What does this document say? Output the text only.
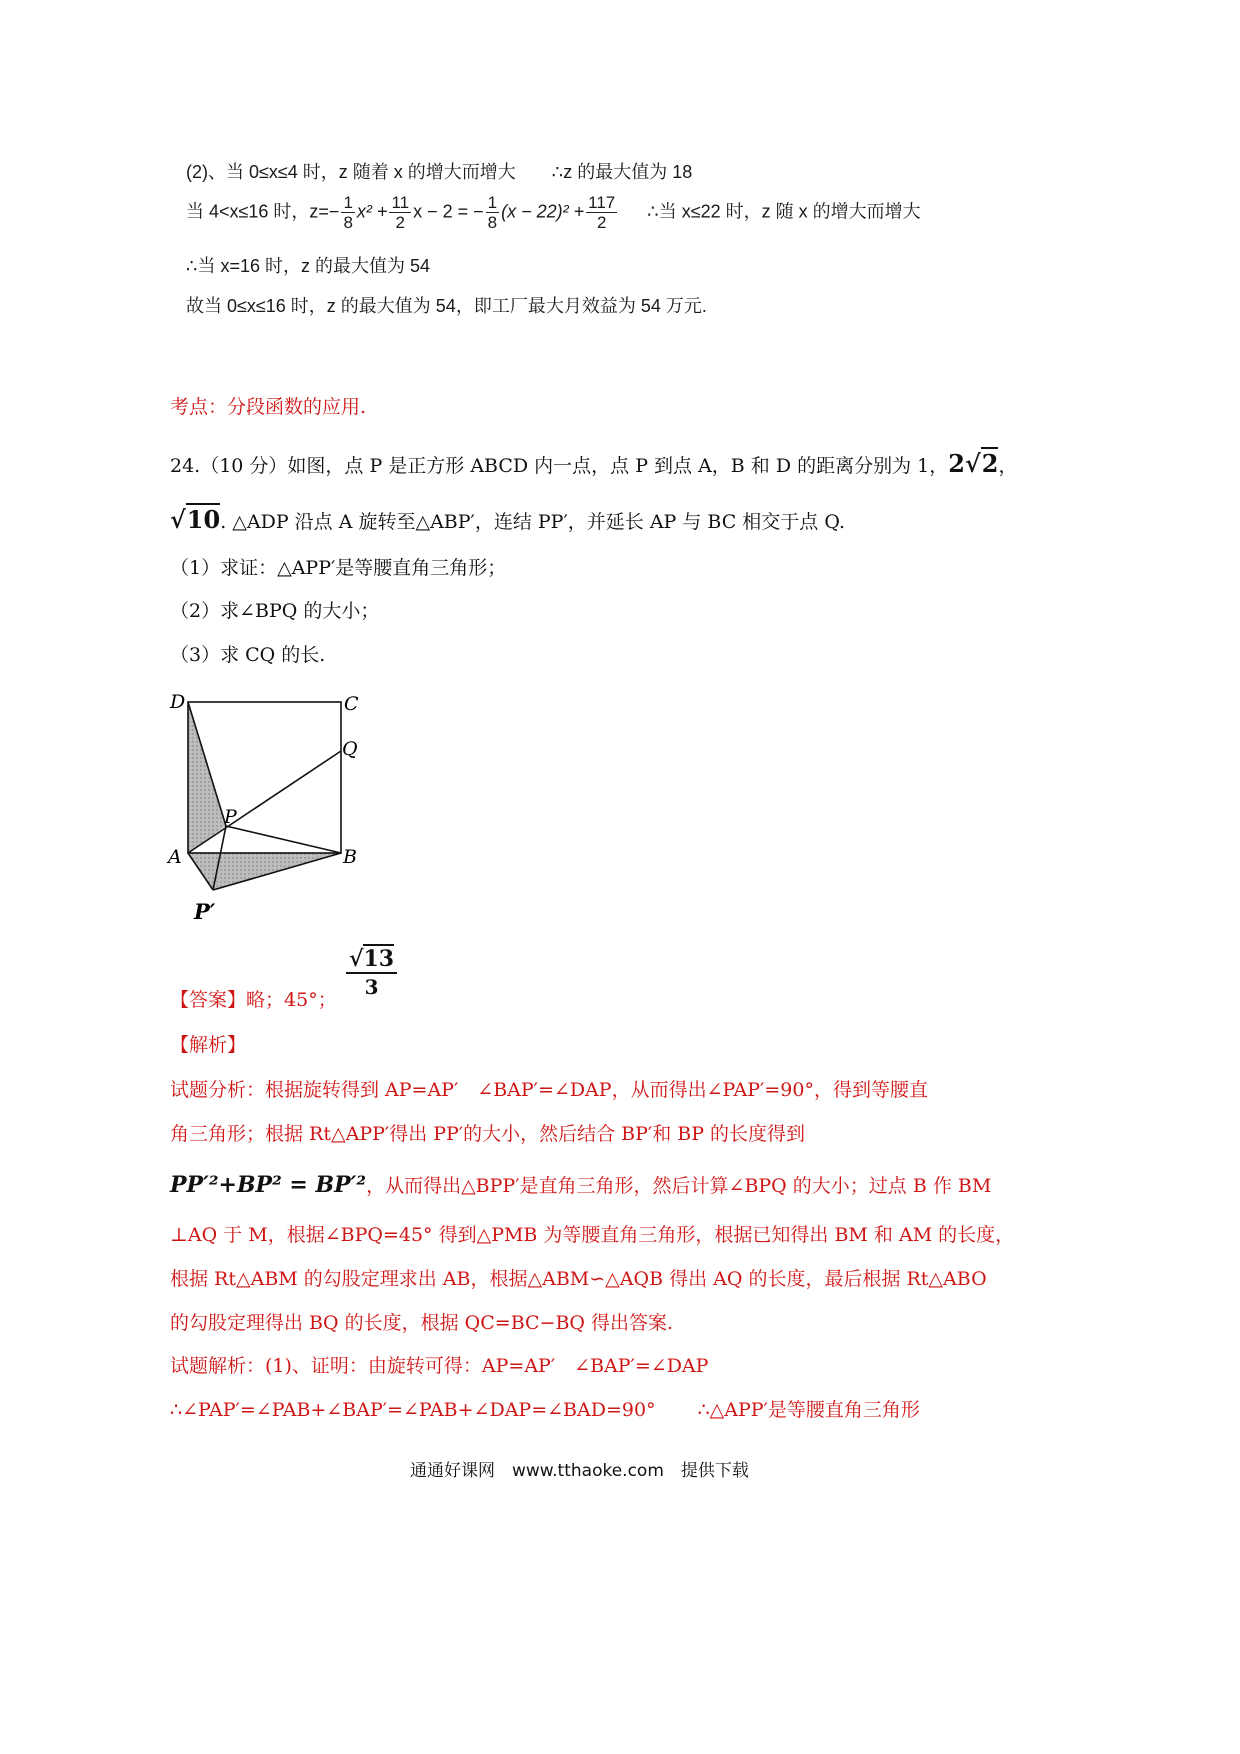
(2)、当 0≤x≤4 时，z 随着 x 的增大而增大　　∴z 的最大值为 18
当 4<x≤16 时，$z=- \frac{1}{8} x^2 + \frac{11}{2}$ x − 2 = − $\frac{1}{8} (x - 22)^2 + \frac{117}{2}$ ∴当 x≤22 时，z 随 x 的增大而增大
∴当 x=16 时，z 的最大值为 54
故当 0≤x≤16 时，z 的最大值为 54，即工厂最大月效益为 54 万元.
考点：分段函数的应用.
24.（10 分）如图，点 P 是正方形 ABCD 内一点，点 P 到点 A，B 和 D 的距离分别为 1，2√2，
√10. △ADP 沿点 A 旋转至△ABP′，连结 PP′，并延长 AP 与 BC 相交于点 Q.
（1）求证：△APP′是等腰直角三角形；
（2）求∠BPQ 的大小；
（3）求 CQ 的长.
D	C
Q
P
A	B
P′
【答案】略；45°；
√13
3
【解析】
试题分析：根据旋转得到 AP=AP′　∠BAP′=∠DAP，从而得出∠PAP′=90°，得到等腰直
角三角形；根据 Rt△APP′得出 PP′的大小，然后结合 BP′和 BP 的长度得到
PP′²+BP² = BP′²，从而得出△BPP′是直角三角形，然后计算∠BPQ 的大小；过点 B 作 BM
⊥AQ 于 M，根据∠BPQ=45° 得到△PMB 为等腰直角三角形，根据已知得出 BM 和 AM 的长度，
根据 Rt△ABM 的勾股定理求出 AB，根据△ABM∽△AQB 得出 AQ 的长度，最后根据 Rt△ABO
的勾股定理得出 BQ 的长度，根据 QC=BC−BQ 得出答案.
试题解析：(1)、证明：由旋转可得：AP=AP′　∠BAP′=∠DAP
∴∠PAP′=∠PAB+∠BAP′=∠PAB+∠DAP=∠BAD=90° ∴△APP′是等腰直角三角形
通通好课网　www.tthaoke.com　提供下载
